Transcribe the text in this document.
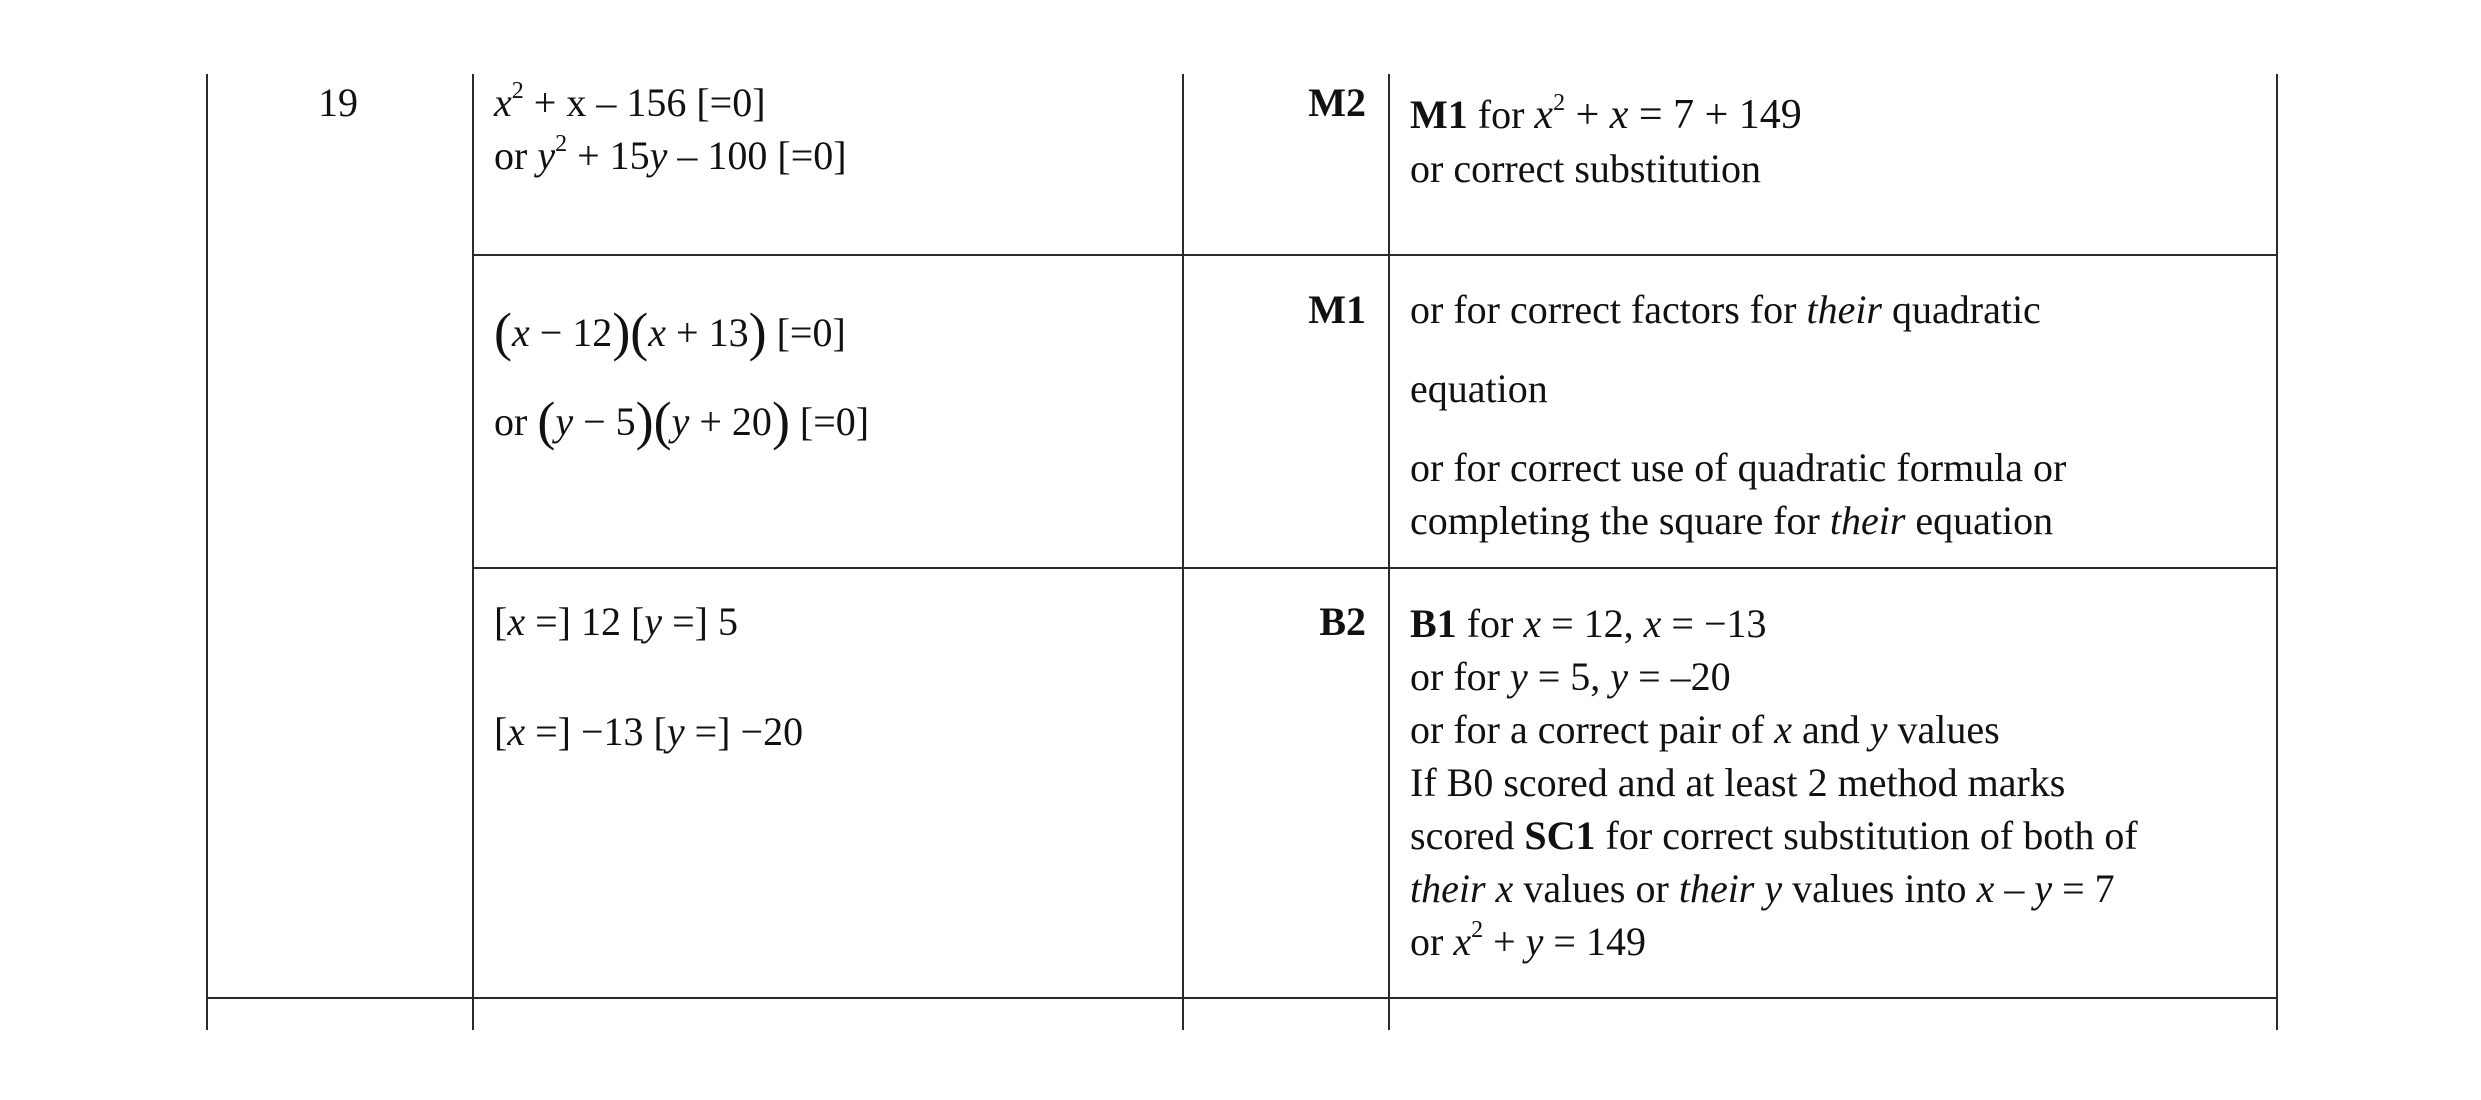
19	$x^2 + x - 156$ [=0]
or $y^2 + 15y - 100$ [=0]
M2 M1 for $x^2 + x = 7 + 149$
or correct substitution
(x − 12)(x + 13) [=0]
or (y − 5)(y + 20) [=0]
M1 or for correct factors for their quadratic
equation
or for correct use of quadratic formula or
completing the square for their equation
[x =] 12 [y =] 5
[x =] −13 [y =] −20
B2 B1 for x = 12, x = −13
or for y = 5, y = –20
or for a correct pair of x and y values
If B0 scored and at least 2 method marks
scored SC1 for correct substitution of both of
their x values or their y values into x – y = 7
or $x^2 + y = 149$
